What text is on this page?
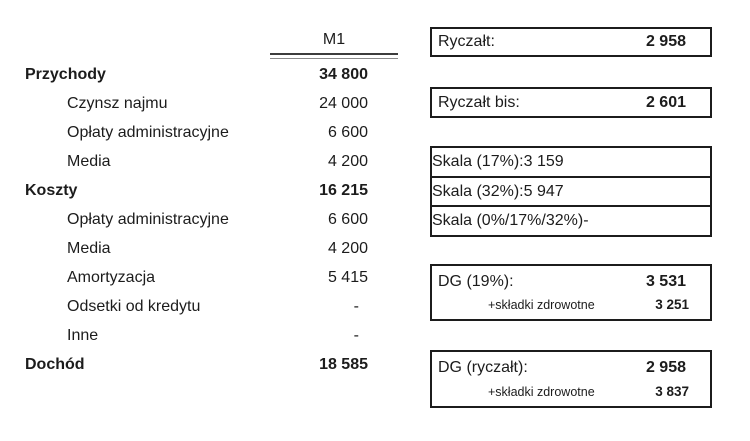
M1
Przychody	34 800
Czynsz najmu	24 000
Opłaty administracyjne	6 600
Media	4 200
Koszty	16 215
Opłaty administracyjne	6 600
Media	4 200
Amortyzacja	5 415
Odsetki od kredytu	-
Inne	-
Dochód	18 585
Ryczałt:	2 958
Ryczałt bis:	2 601
Skala (17%): 3 159
Skala (32%): 5 947
Skala (0%/17%/32%) -
DG (19%):	3 531
+składki zdrowotne	3 251
DG (ryczałt):	2 958
+składki zdrowotne	3 837
